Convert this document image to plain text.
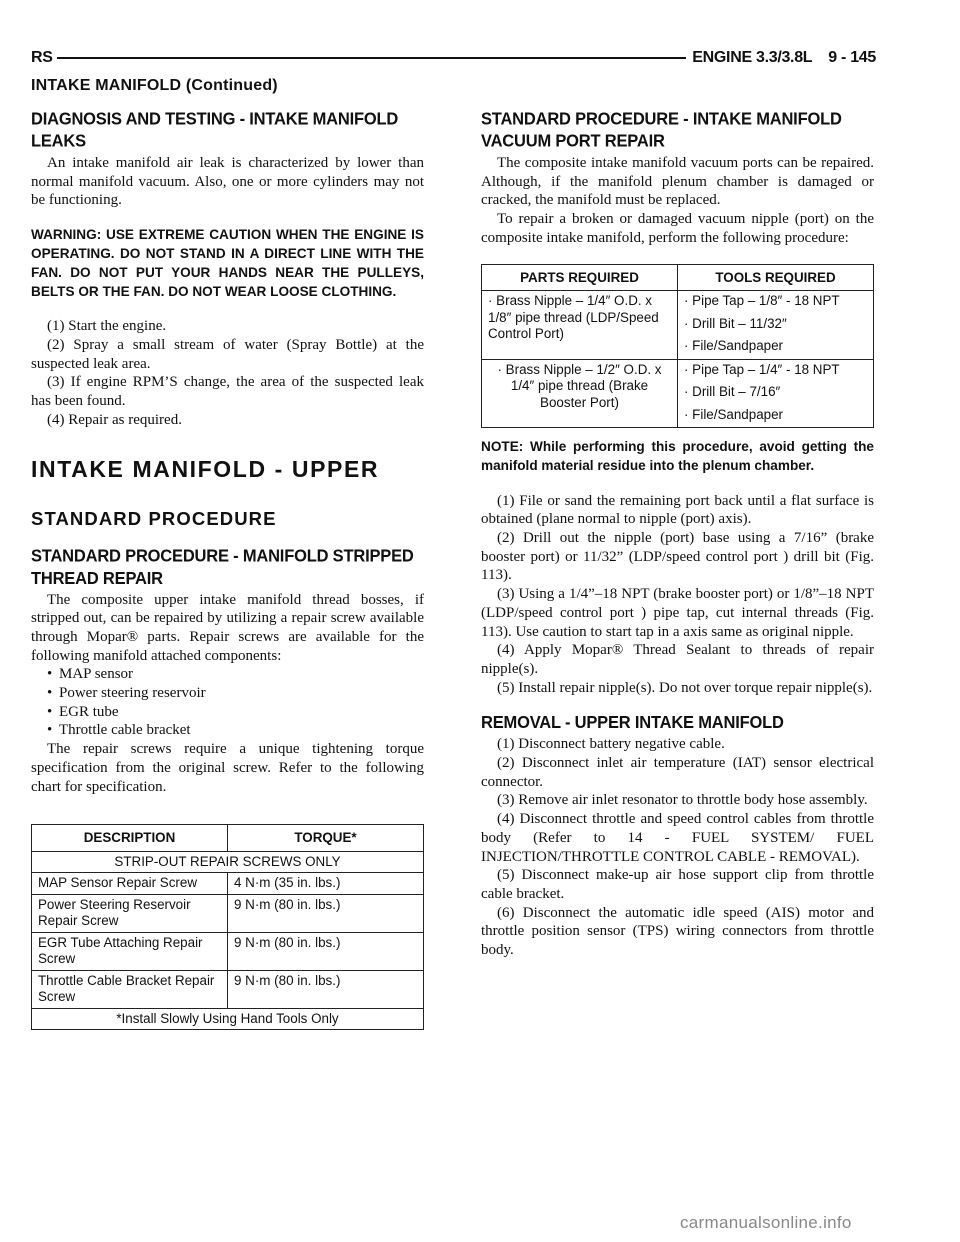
RS	ENGINE 3.3/3.8L 9 - 145
INTAKE MANIFOLD (Continued)
DIAGNOSIS AND TESTING - INTAKE MANIFOLD LEAKS

An intake manifold air leak is characterized by lower than normal manifold vacuum. Also, one or more cylinders may not be functioning.

WARNING: USE EXTREME CAUTION WHEN THE ENGINE IS OPERATING. DO NOT STAND IN A DIRECT LINE WITH THE FAN. DO NOT PUT YOUR HANDS NEAR THE PULLEYS, BELTS OR THE FAN. DO NOT WEAR LOOSE CLOTHING.

(1) Start the engine.

(2) Spray a small stream of water (Spray Bottle) at the suspected leak area.

(3) If engine RPM’S change, the area of the suspected leak has been found.

(4) Repair as required.

INTAKE MANIFOLD - UPPER
STANDARD PROCEDURE
STANDARD PROCEDURE - MANIFOLD STRIPPED THREAD REPAIR

The composite upper intake manifold thread bosses, if stripped out, can be repaired by utilizing a repair screw available through Mopar® parts. Repair screws are available for the following manifold attached components:

• MAP sensor
• Power steering reservoir
• EGR tube
• Throttle cable bracket

The repair screws require a unique tightening torque specification from the original screw. Refer to the following chart for specification.

DESCRIPTION	TORQUE*
STRIP-OUT REPAIR SCREWS ONLY	
MAP Sensor Repair Screw	4 N·m (35 in. lbs.)
Power Steering Reservoir Repair Screw	9 N·m (80 in. lbs.)
EGR Tube Attaching Repair Screw	9 N·m (80 in. lbs.)
Throttle Cable Bracket Repair Screw	9 N·m (80 in. lbs.)
*Install Slowly Using Hand Tools Only	
STANDARD PROCEDURE - INTAKE MANIFOLD VACUUM PORT REPAIR

The composite intake manifold vacuum ports can be repaired. Although, if the manifold plenum chamber is damaged or cracked, the manifold must be replaced.

To repair a broken or damaged vacuum nipple (port) on the composite intake manifold, perform the following procedure:

PARTS REQUIRED	TOOLS REQUIRED
· Brass Nipple – 1/4″ O.D. x 1/8″ pipe thread (LDP/Speed Control Port)	· Pipe Tap – 1/8″ - 18 NPT
· Drill Bit – 11/32″
· File/Sandpaper

· Brass Nipple – 1/2″ O.D. x 1/4″ pipe thread (Brake Booster Port)	· Pipe Tap – 1/4″ - 18 NPT
· Drill Bit – 7/16″
· File/Sandpaper

NOTE: While performing this procedure, avoid getting the manifold material residue into the plenum chamber.

(1) File or sand the remaining port back until a flat surface is obtained (plane normal to nipple (port) axis).

(2) Drill out the nipple (port) base using a 7/16” (brake booster port) or 11/32” (LDP/speed control port ) drill bit (Fig. 113).

(3) Using a 1/4”–18 NPT (brake booster port) or 1/8”–18 NPT (LDP/speed control port ) pipe tap, cut internal threads (Fig. 113). Use caution to start tap in a axis same as original nipple.

(4) Apply Mopar® Thread Sealant to threads of repair nipple(s).

(5) Install repair nipple(s). Do not over torque repair nipple(s).

REMOVAL - UPPER INTAKE MANIFOLD

(1) Disconnect battery negative cable.

(2) Disconnect inlet air temperature (IAT) sensor electrical connector.

(3) Remove air inlet resonator to throttle body hose assembly.

(4) Disconnect throttle and speed control cables from throttle body (Refer to 14 - FUEL SYSTEM/ FUEL INJECTION/THROTTLE CONTROL CABLE - REMOVAL).

(5) Disconnect make-up air hose support clip from throttle cable bracket.

(6) Disconnect the automatic idle speed (AIS) motor and throttle position sensor (TPS) wiring connectors from throttle body.

carmanualsonline.info
